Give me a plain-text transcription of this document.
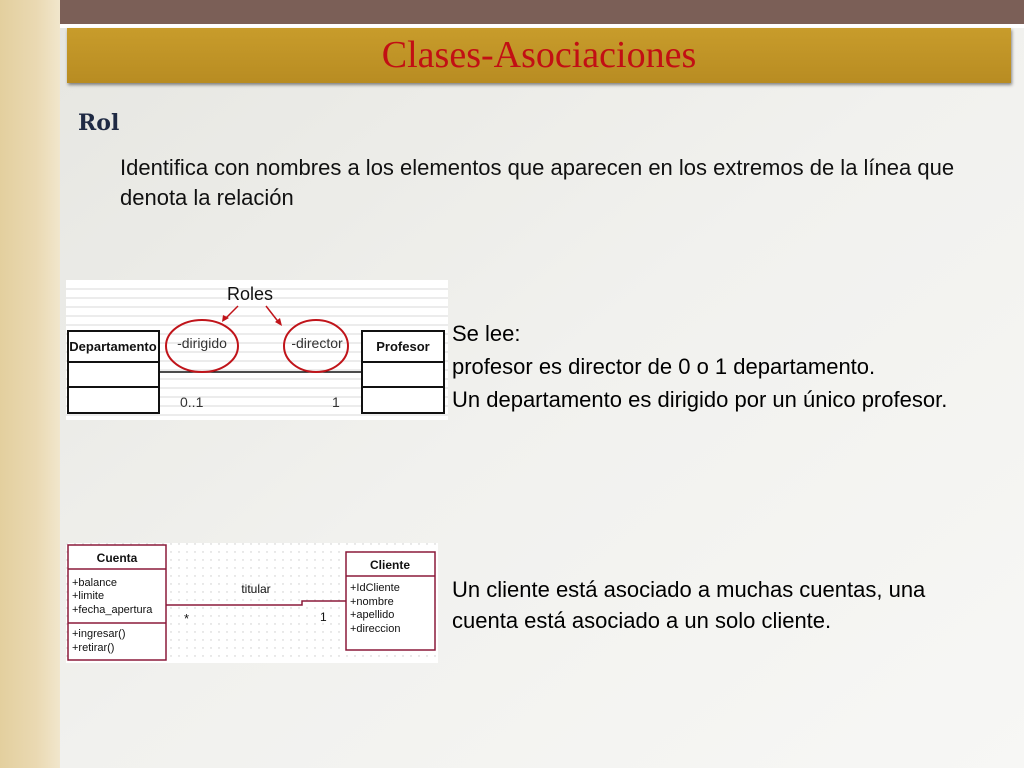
Clases-Asociaciones
Rol
Identifica con nombres a los elementos que aparecen en los extremos de la línea que denota la relación
Roles
Departamento	Profesor
-dirigido	-director
0..1	1
Se lee:
profesor es director de 0 o 1 departamento.
Un departamento es dirigido por un único profesor.
Cuenta
+balance
+limite
+fecha_apertura
+ingresar()
+retirar()
Cliente
+IdCliente
+nombre
+apellido
+direccion
titular
*	1
Un cliente está asociado a muchas cuentas, una
cuenta está asociado a un solo cliente.
